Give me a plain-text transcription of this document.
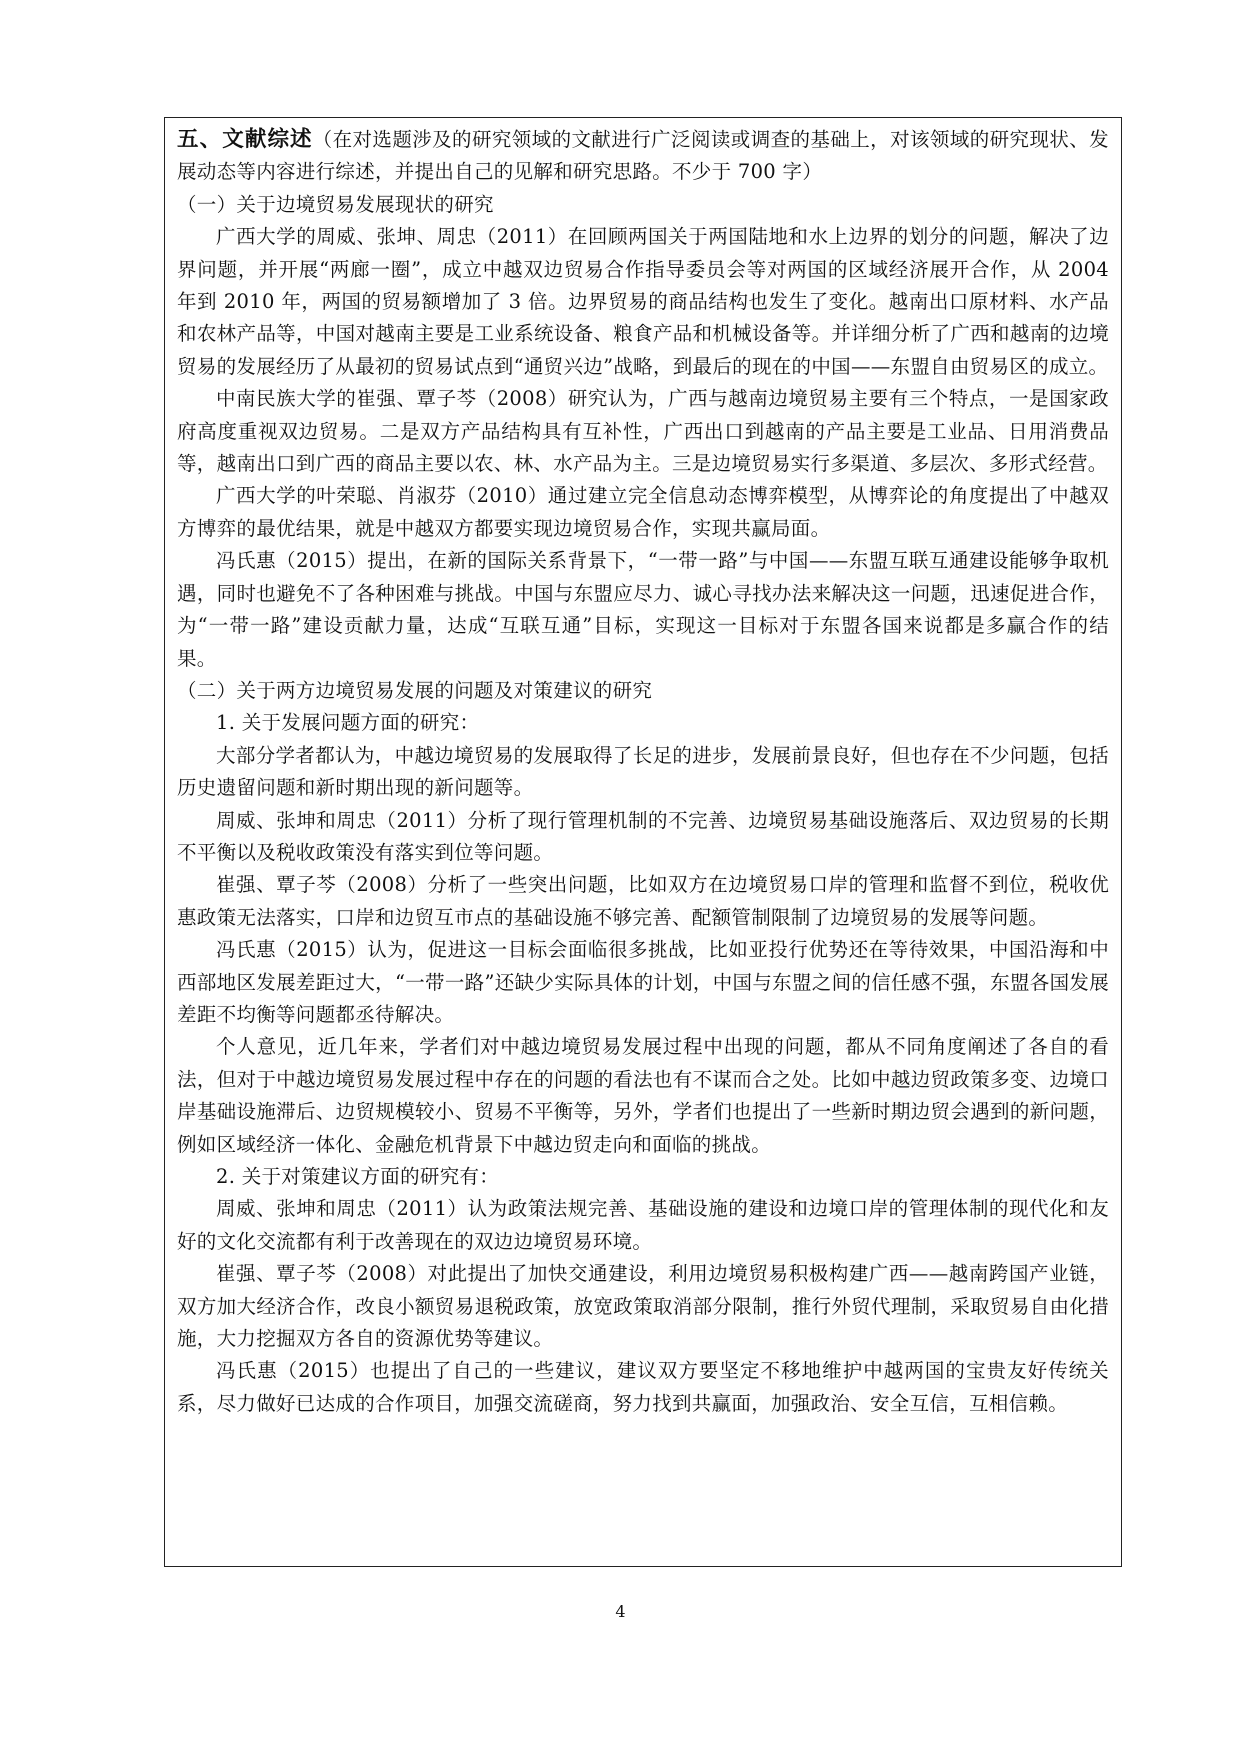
五、文献综述（在对选题涉及的研究领域的文献进行广泛阅读或调查的基础上，对该领域的研究现状、发展动态等内容进行综述，并提出自己的见解和研究思路。不少于 700 字）

（一）关于边境贸易发展现状的研究

广西大学的周威、张坤、周忠（2011）在回顾两国关于两国陆地和水上边界的划分的问题，解决了边界问题，并开展“两廊一圈”，成立中越双边贸易合作指导委员会等对两国的区域经济展开合作，从 2004 年到 2010 年，两国的贸易额增加了 3 倍。边界贸易的商品结构也发生了变化。越南出口原材料、水产品和农林产品等，中国对越南主要是工业系统设备、粮食产品和机械设备等。并详细分析了广西和越南的边境贸易的发展经历了从最初的贸易试点到“通贸兴边”战略，到最后的现在的中国——东盟自由贸易区的成立。

中南民族大学的崔强、覃子芩（2008）研究认为，广西与越南边境贸易主要有三个特点，一是国家政府高度重视双边贸易。二是双方产品结构具有互补性，广西出口到越南的产品主要是工业品、日用消费品等，越南出口到广西的商品主要以农、林、水产品为主。三是边境贸易实行多渠道、多层次、多形式经营。

广西大学的叶荣聪、肖淑芬（2010）通过建立完全信息动态博弈模型，从博弈论的角度提出了中越双方博弈的最优结果，就是中越双方都要实现边境贸易合作，实现共赢局面。

冯氏惠（2015）提出，在新的国际关系背景下，“一带一路”与中国——东盟互联互通建设能够争取机遇，同时也避免不了各种困难与挑战。中国与东盟应尽力、诚心寻找办法来解决这一问题，迅速促进合作，为“一带一路”建设贡献力量，达成“互联互通”目标，实现这一目标对于东盟各国来说都是多赢合作的结果。

（二）关于两方边境贸易发展的问题及对策建议的研究

1. 关于发展问题方面的研究：

大部分学者都认为，中越边境贸易的发展取得了长足的进步，发展前景良好，但也存在不少问题，包括历史遗留问题和新时期出现的新问题等。

周威、张坤和周忠（2011）分析了现行管理机制的不完善、边境贸易基础设施落后、双边贸易的长期不平衡以及税收政策没有落实到位等问题。

崔强、覃子芩（2008）分析了一些突出问题，比如双方在边境贸易口岸的管理和监督不到位，税收优惠政策无法落实，口岸和边贸互市点的基础设施不够完善、配额管制限制了边境贸易的发展等问题。

冯氏惠（2015）认为，促进这一目标会面临很多挑战，比如亚投行优势还在等待效果，中国沿海和中西部地区发展差距过大，“一带一路”还缺少实际具体的计划，中国与东盟之间的信任感不强，东盟各国发展差距不均衡等问题都丞待解决。

个人意见，近几年来，学者们对中越边境贸易发展过程中出现的问题，都从不同角度阐述了各自的看法，但对于中越边境贸易发展过程中存在的问题的看法也有不谋而合之处。比如中越边贸政策多变、边境口岸基础设施滞后、边贸规模较小、贸易不平衡等，另外，学者们也提出了一些新时期边贸会遇到的新问题，例如区域经济一体化、金融危机背景下中越边贸走向和面临的挑战。

2. 关于对策建议方面的研究有：

周威、张坤和周忠（2011）认为政策法规完善、基础设施的建设和边境口岸的管理体制的现代化和友好的文化交流都有利于改善现在的双边边境贸易环境。

崔强、覃子芩（2008）对此提出了加快交通建设，利用边境贸易积极构建广西——越南跨国产业链，双方加大经济合作，改良小额贸易退税政策，放宽政策取消部分限制，推行外贸代理制，采取贸易自由化措施，大力挖掘双方各自的资源优势等建议。

冯氏惠（2015）也提出了自己的一些建议，建议双方要坚定不移地维护中越两国的宝贵友好传统关系，尽力做好已达成的合作项目，加强交流磋商，努力找到共赢面，加强政治、安全互信，互相信赖。

4
